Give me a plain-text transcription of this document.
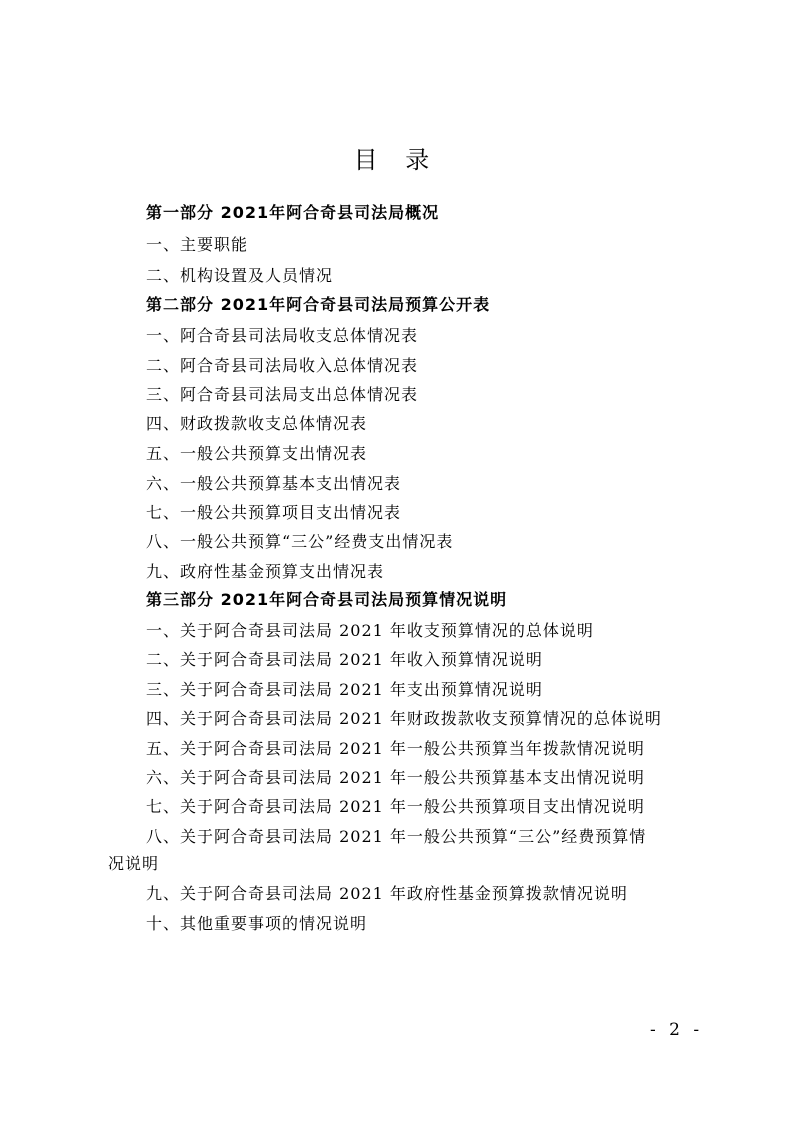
目 录
第一部分 2021年阿合奇县司法局概况
一、主要职能
二、机构设置及人员情况
第二部分 2021年阿合奇县司法局预算公开表
一、阿合奇县司法局收支总体情况表
二、阿合奇县司法局收入总体情况表
三、阿合奇县司法局支出总体情况表
四、财政拨款收支总体情况表
五、一般公共预算支出情况表
六、一般公共预算基本支出情况表
七、一般公共预算项目支出情况表
八、一般公共预算“三公”经费支出情况表
九、政府性基金预算支出情况表
第三部分 2021年阿合奇县司法局预算情况说明
一、关于阿合奇县司法局 2021 年收支预算情况的总体说明
二、关于阿合奇县司法局 2021 年收入预算情况说明
三、关于阿合奇县司法局 2021 年支出预算情况说明
四、关于阿合奇县司法局 2021 年财政拨款收支预算情况的总体说明
五、关于阿合奇县司法局 2021 年一般公共预算当年拨款情况说明
六、关于阿合奇县司法局 2021 年一般公共预算基本支出情况说明
七、关于阿合奇县司法局 2021 年一般公共预算项目支出情况说明
八、关于阿合奇县司法局 2021 年一般公共预算“三公”经费预算情
况说明
九、关于阿合奇县司法局 2021 年政府性基金预算拨款情况说明
十、其他重要事项的情况说明
- 2 -
